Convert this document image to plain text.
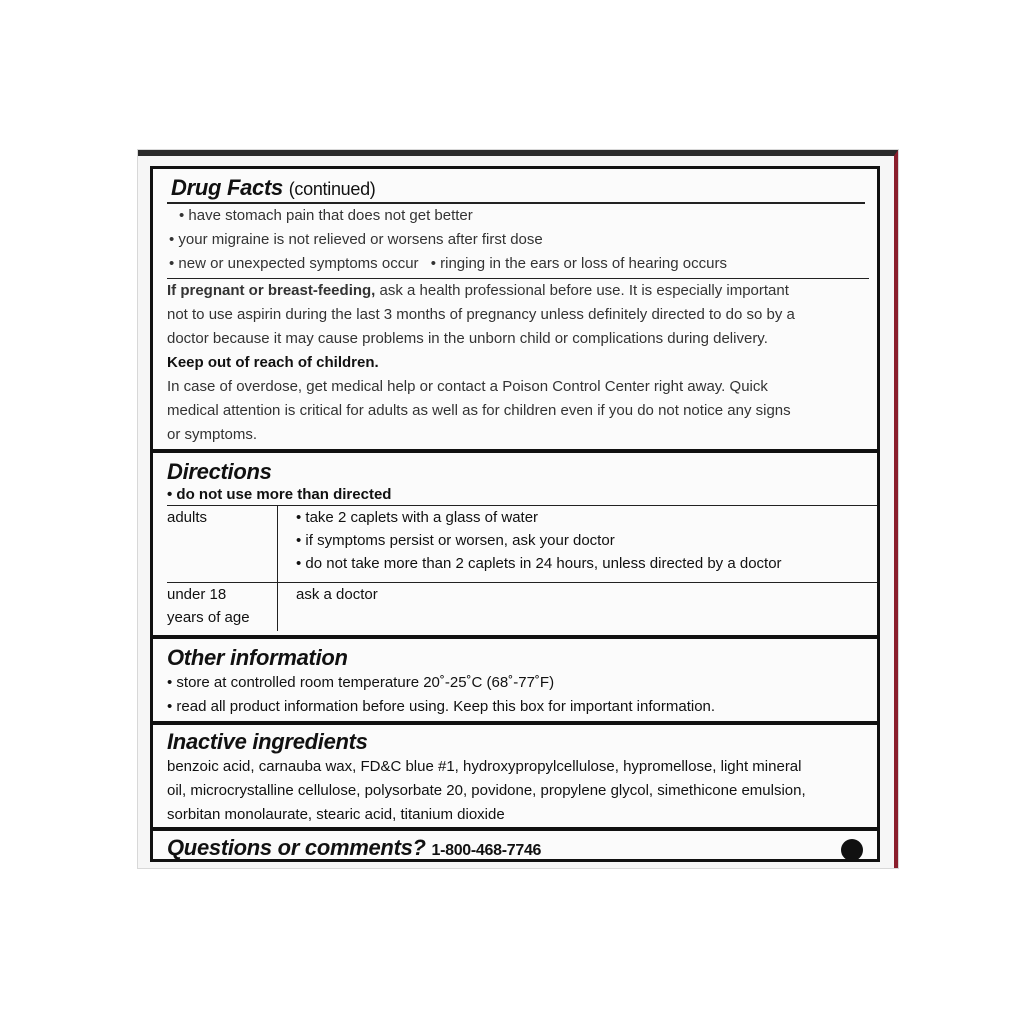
Drug Facts (continued)
• have stomach pain that does not get better
• your migraine is not relieved or worsens after first dose
• new or unexpected symptoms occur • ringing in the ears or loss of hearing occurs
If pregnant or breast-feeding, ask a health professional before use. It is especially important
not to use aspirin during the last 3 months of pregnancy unless definitely directed to do so by a
doctor because it may cause problems in the unborn child or complications during delivery.
Keep out of reach of children.
In case of overdose, get medical help or contact a Poison Control Center right away. Quick
medical attention is critical for adults as well as for children even if you do not notice any signs
or symptoms.
Directions
• do not use more than directed
adults	• take 2 caplets with a glass of water
• if symptoms persist or worsen, ask your doctor
• do not take more than 2 caplets in 24 hours, unless directed by a doctor

under 18
years of age	ask a doctor
Other information
• store at controlled room temperature 20˚-25˚C (68˚-77˚F)
• read all product information before using. Keep this box for important information.
Inactive ingredients
benzoic acid, carnauba wax, FD&C blue #1, hydroxypropylcellulose, hypromellose, light mineral
oil, microcrystalline cellulose, polysorbate 20, povidone, propylene glycol, simethicone emulsion,
sorbitan monolaurate, stearic acid, titanium dioxide
Questions or comments? 1-800-468-7746
